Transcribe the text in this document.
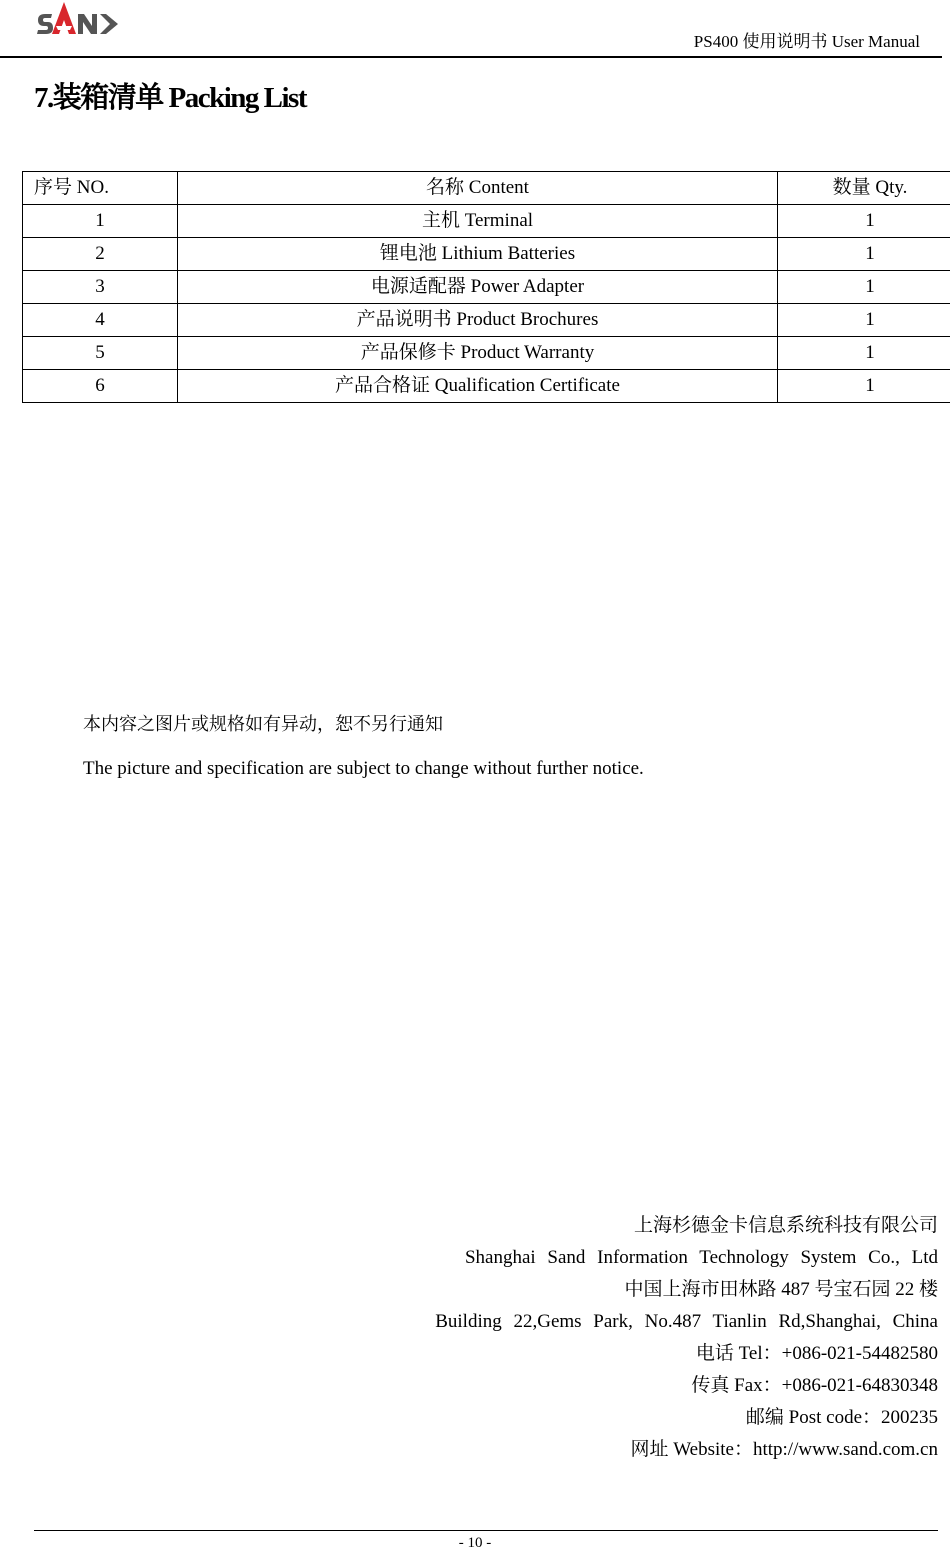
PS400 使用说明书 User Manual
7.装箱清单 Packing List
序号 NO.	名称 Content	数量 Qty.
1	主机 Terminal	1
2	锂电池 Lithium Batteries	1
3	电源适配器 Power Adapter	1
4	产品说明书 Product Brochures	1
5	产品保修卡 Product Warranty	1
6	产品合格证 Qualification Certificate	1
本内容之图片或规格如有异动，恕不另行通知
The picture and specification are subject to change without further notice.
上海杉德金卡信息系统科技有限公司
Shanghai Sand Information Technology System Co., Ltd
中国上海市田林路 487 号宝石园 22 楼
Building 22,Gems Park, No.487 Tianlin Rd,Shanghai, China
电话 Tel：+086-021-54482580
传真 Fax：+086-021-64830348
邮编 Post code：200235
网址 Website：http://www.sand.com.cn
- 10 -
